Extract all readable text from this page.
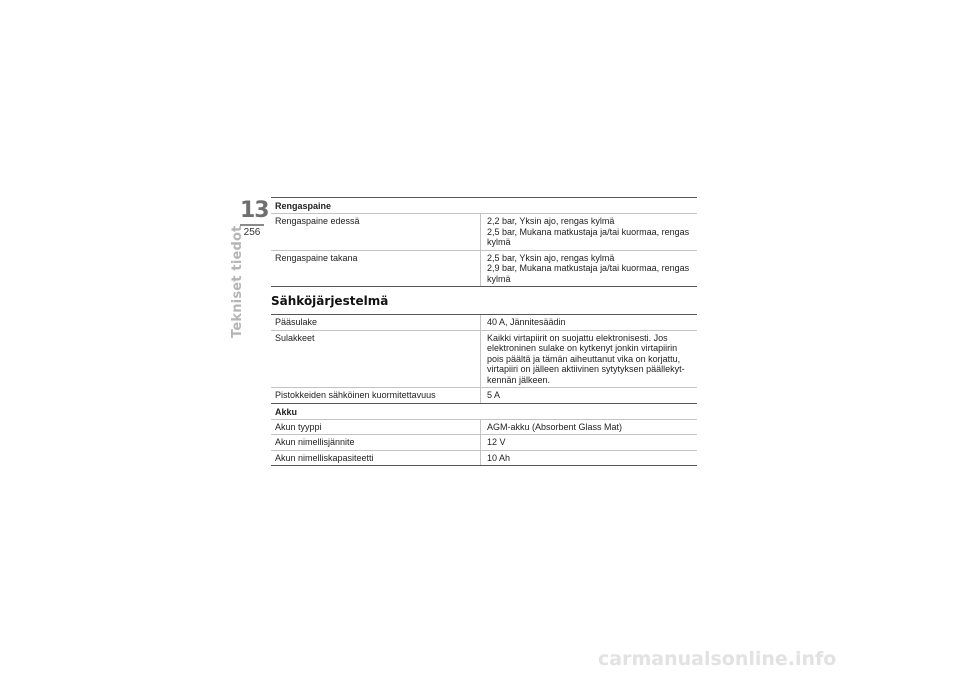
13
256
Tekniset tiedot
Rengaspaine
Rengaspaine edessä	2,2 bar, Yksin ajo, rengas kylmä
2,5 bar, Mukana matkustaja ja/tai kuormaa, rengas
kylmä
Rengaspaine takana	2,5 bar, Yksin ajo, rengas kylmä
2,9 bar, Mukana matkustaja ja/tai kuormaa, rengas
kylmä
Sähköjärjestelmä
Pääsulake	40 A, Jännitesäädin
Sulakkeet	Kaikki virtapiirit on suojattu elektronisesti. Jos
elektroninen sulake on kytkenyt jonkin virtapiirin
pois päältä ja tämän aiheuttanut vika on korjattu,
virtapiiri on jälleen aktiivinen sytytyksen päällekyt-
kennän jälkeen.
Pistokkeiden sähköinen kuormitettavuus	5 A
Akku
Akun tyyppi	AGM-akku (Absorbent Glass Mat)
Akun nimellisjännite	12 V
Akun nimelliskapasiteetti	10 Ah
carmanualsonline.info
